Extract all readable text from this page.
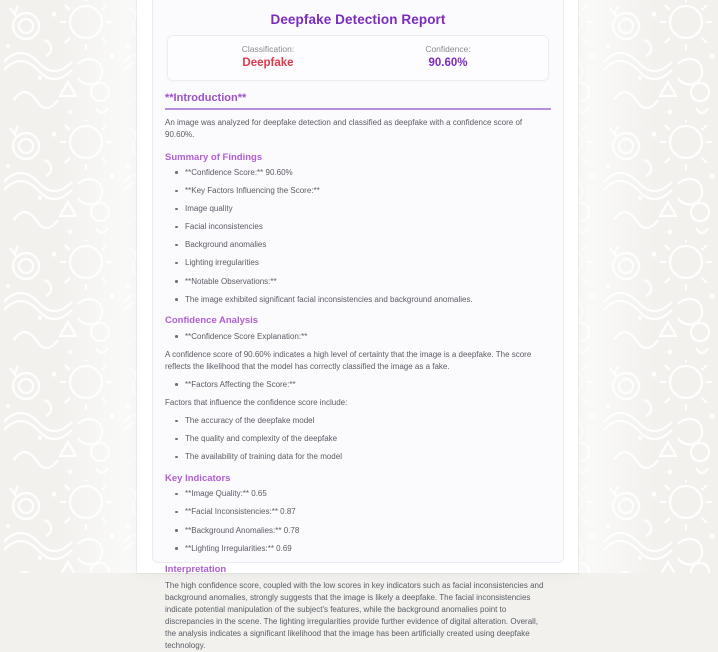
Deepfake Detection Report
Classification:
Deepfake
Confidence:
90.60%
**Introduction**

An image was analyzed for deepfake detection and classified as deepfake with a confidence score of 90.60%.

Summary of Findings
**Confidence Score:** 90.60%
**Key Factors Influencing the Score:**
Image quality
Facial inconsistencies
Background anomalies
Lighting irregularities
**Notable Observations:**
The image exhibited significant facial inconsistencies and background anomalies.
Confidence Analysis
**Confidence Score Explanation:**

A confidence score of 90.60% indicates a high level of certainty that the image is a deepfake. The score reflects the likelihood that the model has correctly classified the image as a fake.

**Factors Affecting the Score:**

Factors that influence the confidence score include:

The accuracy of the deepfake model
The quality and complexity of the deepfake
The availability of training data for the model
Key Indicators
**Image Quality:** 0.65
**Facial Inconsistencies:** 0.87
**Background Anomalies:** 0.78
**Lighting Irregularities:** 0.69
Interpretation

The high confidence score, coupled with the low scores in key indicators such as facial inconsistencies and background anomalies, strongly suggests that the image is likely a deepfake. The facial inconsistencies indicate potential manipulation of the subject's features, while the background anomalies point to discrepancies in the scene. The lighting irregularities provide further evidence of digital alteration. Overall, the analysis indicates a significant likelihood that the image has been artificially created using deepfake technology.
